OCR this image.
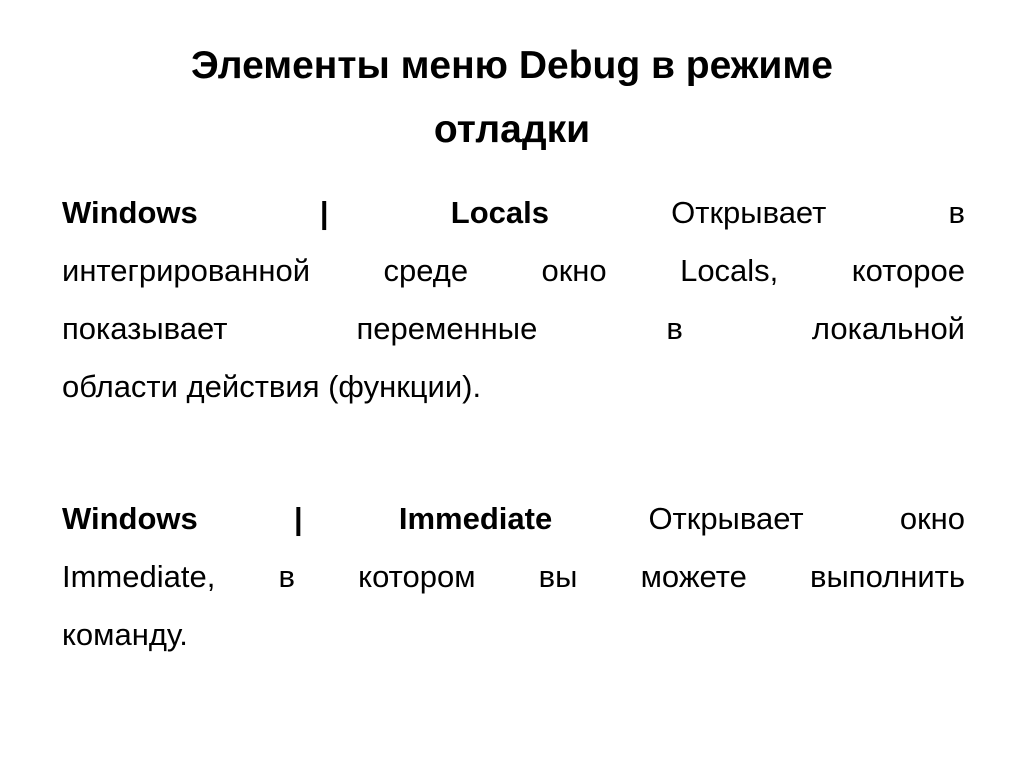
Элементы меню Debug в режиме
отладки
Windows | Locals Открывает в
интегрированной среде окно Locals, которое
показывает переменные в локальной
области действия (функции).
Windows | Immediate Открывает окно
Immediate, в котором вы можете выполнить
команду.
